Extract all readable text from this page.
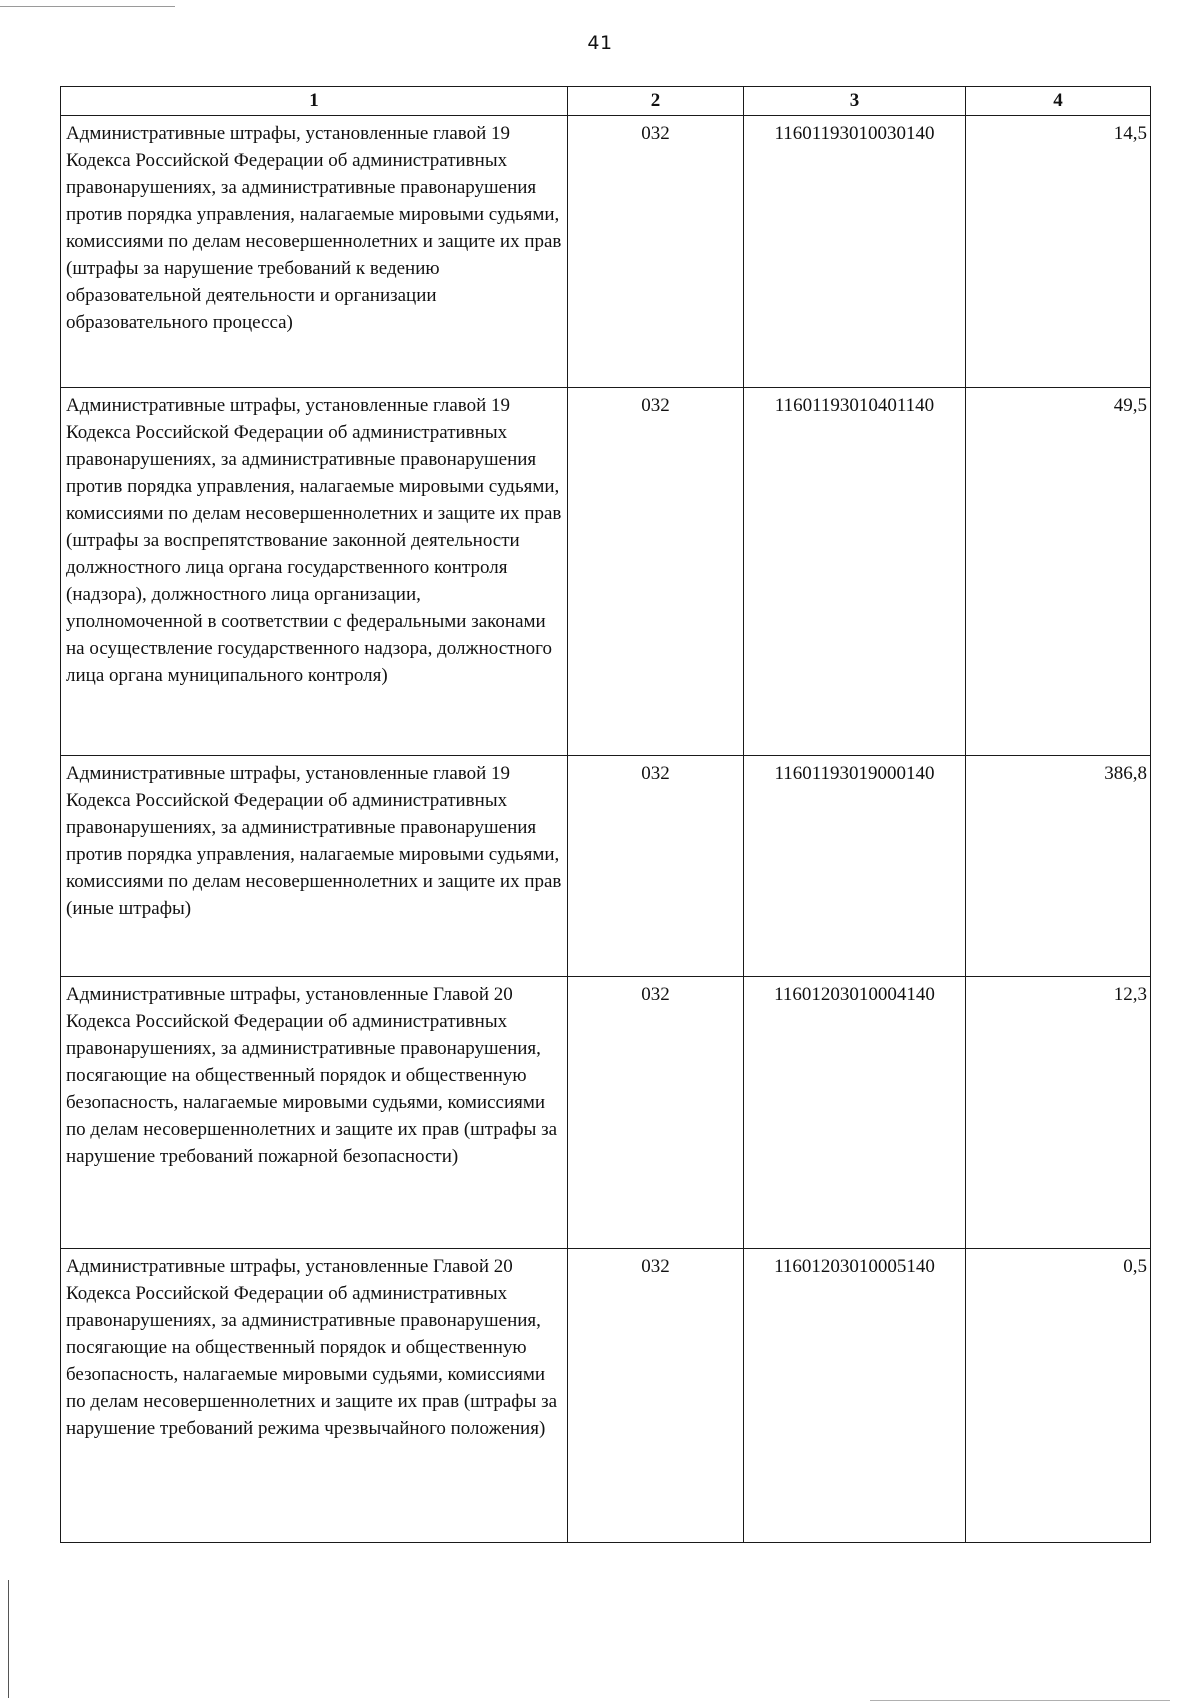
41
1	2	3	4
Административные штрафы, установленные главой 19 Кодекса Российской Федерации об административных правонарушениях, за административные правонарушения против порядка управления, налагаемые мировыми судьями, комиссиями по делам несовершеннолетних и защите их прав (штрафы за нарушение требований к ведению образовательной деятельности и организации образовательного процесса)	032	11601193010030140	14,5
Административные штрафы, установленные главой 19 Кодекса Российской Федерации об административных правонарушениях, за административные правонарушения против порядка управления, налагаемые мировыми судьями, комиссиями по делам несовершеннолетних и защите их прав (штрафы за воспрепятствование законной деятельности должностного лица органа государственного контроля (надзора), должностного лица организации, уполномоченной в соответствии с федеральными законами на осуществление государственного надзора, должностного лица органа муниципального контроля)	032	11601193010401140	49,5
Административные штрафы, установленные главой 19 Кодекса Российской Федерации об административных правонарушениях, за административные правонарушения против порядка управления, налагаемые мировыми судьями, комиссиями по делам несовершеннолетних и защите их прав (иные штрафы)	032	11601193019000140	386,8
Административные штрафы, установленные Главой 20 Кодекса Российской Федерации об административных правонарушениях, за административные правонарушения, посягающие на общественный порядок и общественную безопасность, налагаемые мировыми судьями, комиссиями по делам несовершеннолетних и защите их прав (штрафы за нарушение требований пожарной безопасности)	032	11601203010004140	12,3
Административные штрафы, установленные Главой 20 Кодекса Российской Федерации об административных правонарушениях, за административные правонарушения, посягающие на общественный порядок и общественную безопасность, налагаемые мировыми судьями, комиссиями по делам несовершеннолетних и защите их прав (штрафы за нарушение требований режима чрезвычайного положения)	032	11601203010005140	0,5
